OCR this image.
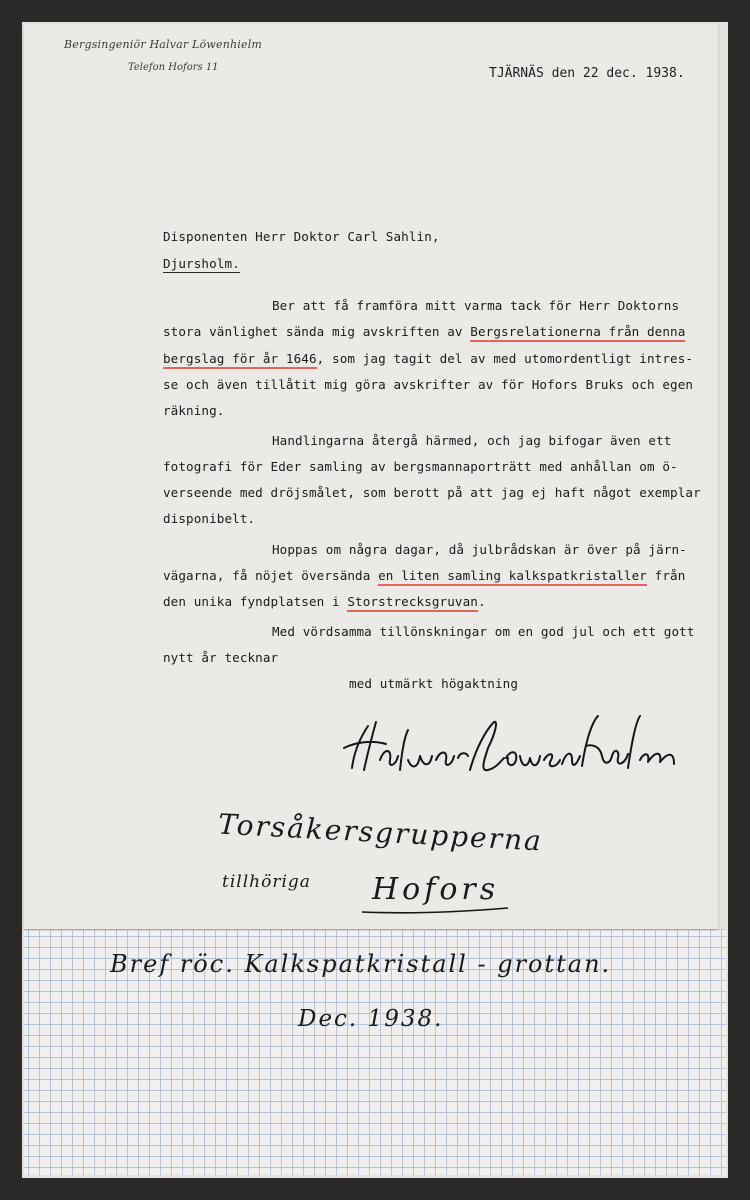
Bergsingeniör Halvar Löwenhielm
Telefon Hofors 11	TJÄRNÄS den 22 dec. 1938.
Disponenten Herr Doktor Carl Sahlin,
Djursholm.
Ber att få framföra mitt varma tack för Herr Doktorns
stora vänlighet sända mig avskriften av Bergsrelationerna från denna
bergslag för år 1646, som jag tagit del av med utomordentligt intres-
se och även tillåtit mig göra avskrifter av för Hofors Bruks och egen
räkning.
Handlingarna återgå härmed, och jag bifogar även ett
fotografi för Eder samling av bergsmannaporträtt med anhållan om ö-
verseende med dröjsmålet, som berott på att jag ej haft något exemplar
disponibelt.
Hoppas om några dagar, då julbrådskan är över på järn-
vägarna, få nöjet översända en liten samling kalkspatkristaller från
den unika fyndplatsen i Storstrecksgruvan.
Med vördsamma tillönskningar om en god jul och ett gott
nytt år tecknar
med utmärkt högaktning
Torsåkersgrupperna
tillhöriga Hofors
Bref röc. Kalkspatkristall - grottan.
Dec. 1938.
